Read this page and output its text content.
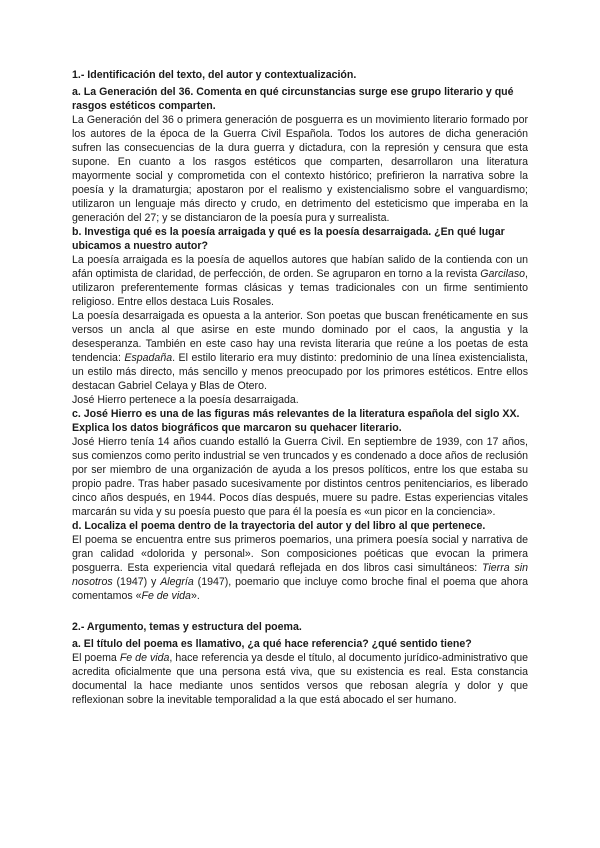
1.- Identificación del texto, del autor y contextualización.
a. La Generación del 36. Comenta en qué circunstancias surge ese grupo literario y qué rasgos estéticos comparten.

La Generación del 36 o primera generación de posguerra es un movimiento literario formado por los autores de la época de la Guerra Civil Española. Todos los autores de dicha generación sufren las consecuencias de la dura guerra y dictadura, con la represión y censura que esta supone. En cuanto a los rasgos estéticos que comparten, desarrollaron una literatura mayormente social y comprometida con el contexto histórico; prefirieron la narrativa sobre la poesía y la dramaturgia; apostaron por el realismo y existencialismo sobre el vanguardismo; utilizaron un lenguaje más directo y crudo, en detrimento del esteticismo que imperaba en la generación del 27; y se distanciaron de la poesía pura y surrealista.

b. Investiga qué es la poesía arraigada y qué es la poesía desarraigada. ¿En qué lugar ubicamos a nuestro autor?

La poesía arraigada es la poesía de aquellos autores que habían salido de la contienda con un afán optimista de claridad, de perfección, de orden. Se agruparon en torno a la revista Garcilaso, utilizaron preferentemente formas clásicas y temas tradicionales con un firme sentimiento religioso. Entre ellos destaca Luis Rosales.

La poesía desarraigada es opuesta a la anterior. Son poetas que buscan frenéticamente en sus versos un ancla al que asirse en este mundo dominado por el caos, la angustia y la desesperanza. También en este caso hay una revista literaria que reúne a los poetas de esta tendencia: Espadaña. El estilo literario era muy distinto: predominio de una línea existencialista, un estilo más directo, más sencillo y menos preocupado por los primores estéticos. Entre ellos destacan Gabriel Celaya y Blas de Otero.

José Hierro pertenece a la poesía desarraigada.

c. José Hierro es una de las figuras más relevantes de la literatura española del siglo XX. Explica los datos biográficos que marcaron su quehacer literario.

José Hierro tenía 14 años cuando estalló la Guerra Civil. En septiembre de 1939, con 17 años, sus comienzos como perito industrial se ven truncados y es condenado a doce años de reclusión por ser miembro de una organización de ayuda a los presos políticos, entre los que estaba su propio padre. Tras haber pasado sucesivamente por distintos centros penitenciarios, es liberado cinco años después, en 1944. Pocos días después, muere su padre. Estas experiencias vitales marcarán su vida y su poesía puesto que para él la poesía es «un picor en la conciencia».

d. Localiza el poema dentro de la trayectoria del autor y del libro al que pertenece.

El poema se encuentra entre sus primeros poemarios, una primera poesía social y narrativa de gran calidad «dolorida y personal». Son composiciones poéticas que evocan la primera posguerra. Esta experiencia vital quedará reflejada en dos libros casi simultáneos: Tierra sin nosotros (1947) y Alegría (1947), poemario que incluye como broche final el poema que ahora comentamos «Fe de vida».

2.- Argumento, temas y estructura del poema.
a. El título del poema es llamativo, ¿a qué hace referencia? ¿qué sentido tiene?

El poema Fe de vida, hace referencia ya desde el título, al documento jurídico-administrativo que acredita oficialmente que una persona está viva, que su existencia es real. Esta constancia documental la hace mediante unos sentidos versos que rebosan alegría y dolor y que reflexionan sobre la inevitable temporalidad a la que está abocado el ser humano.
